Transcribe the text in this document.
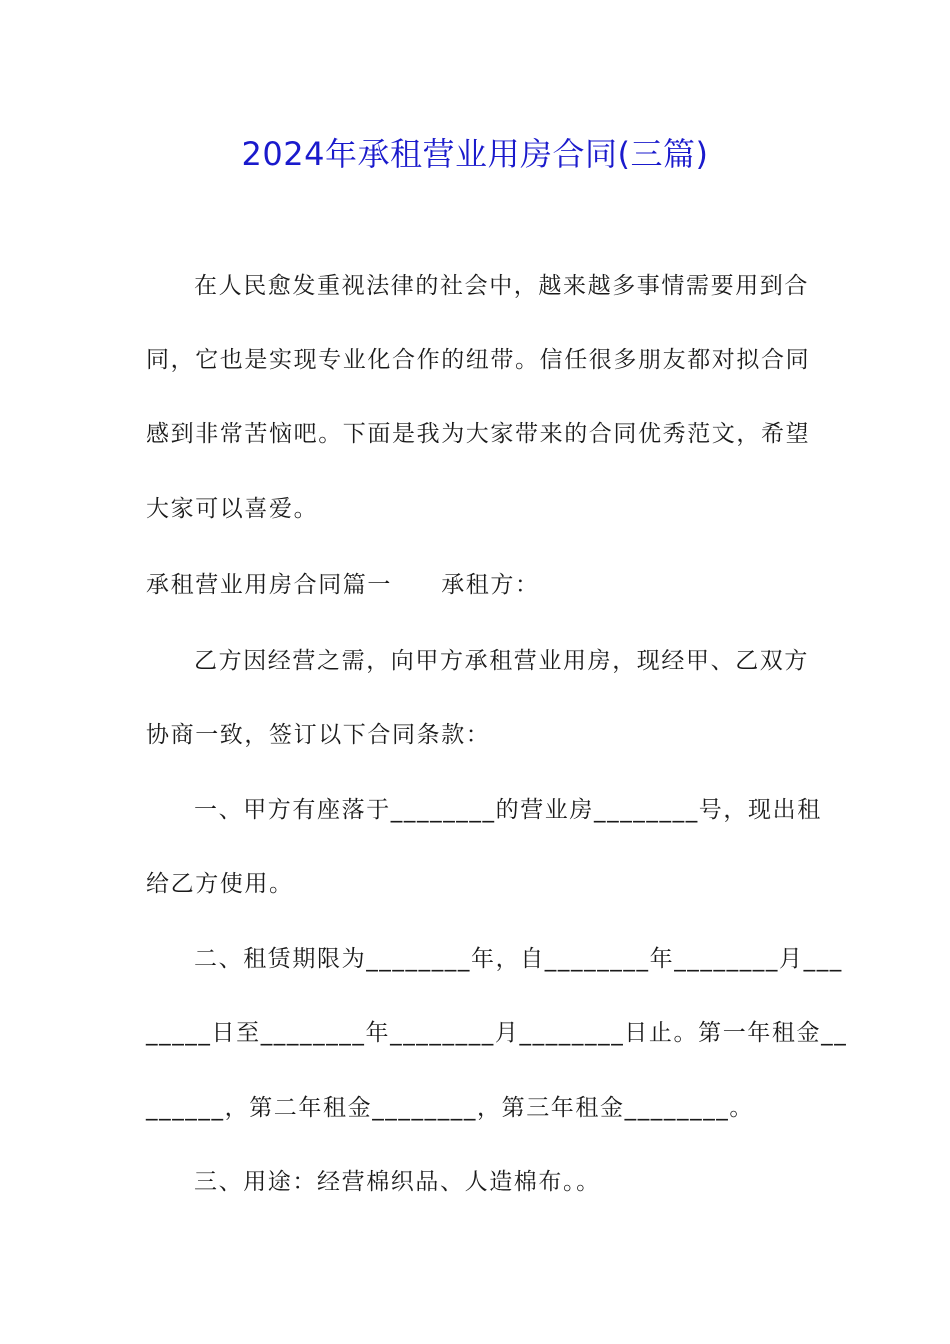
2024年承租营业用房合同(三篇)
在人民愈发重视法律的社会中，越来越多事情需要用到合
同，它也是实现专业化合作的纽带。信任很多朋友都对拟合同
感到非常苦恼吧。下面是我为大家带来的合同优秀范文，希望
大家可以喜爱。
承租营业用房合同篇一　　承租方：
乙方因经营之需，向甲方承租营业用房，现经甲、乙双方
协商一致，签订以下合同条款：
一、甲方有座落于________的营业房________号，现出租
给乙方使用。
二、租赁期限为________年，自________年________月___
_____日至________年________月________日止。第一年租金__
______，第二年租金________，第三年租金________。
三、用途：经营棉织品、人造棉布。。
